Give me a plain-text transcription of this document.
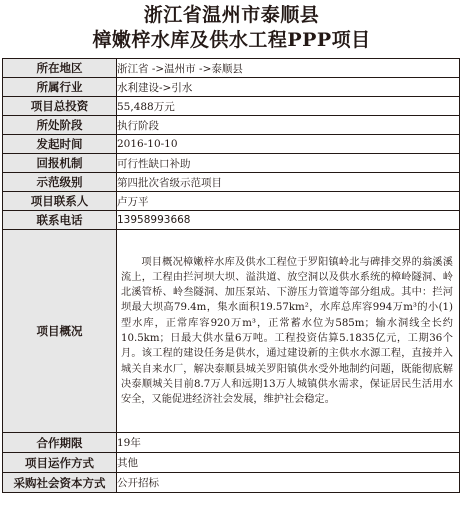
浙江省温州市泰顺县
樟嫩梓水库及供水工程PPP项目
所在地区	浙江省 ->温州市 ->泰顺县

所属行业	水利建设->引水

项目总投资	55,488万元

所处阶段	执行阶段

发起时间	2016-10-10

回报机制	可行性缺口补助

示范级别	第四批次省级示范项目

项目联系人	卢万平

联系电话	13958993668

项目概况	项目概况樟嫩梓水库及供水工程位于罗阳镇岭北与碑排交界的翁溪溪流上，工程由拦河坝大坝、溢洪道、放空洞以及供水系统的樟岭隧洞、岭北溪管桥、岭叁隧洞、加压泵站、下游压力管道等部分组成。其中：拦河坝最大坝高79.4m，集水面积19.57km²，水库总库容994万m³的小(1)型水库，正常库容920万m³，正常蓄水位为585m；输水洞线全长约10.5km；日最大供水量6万吨。工程投资估算5.1835亿元，工期36个月。该工程的建设任务是供水，通过建设新的主供水水源工程，直接并入城关自来水厂，解决泰顺县城关罗阳镇供水受外地制约问题，既能彻底解决泰顺城关目前8.7万人和远期13万人城镇供水需求，保证居民生活用水安全，又能促进经济社会发展，维护社会稳定。

合作期限	19年

项目运作方式	其他

采购社会资本方式	公开招标
